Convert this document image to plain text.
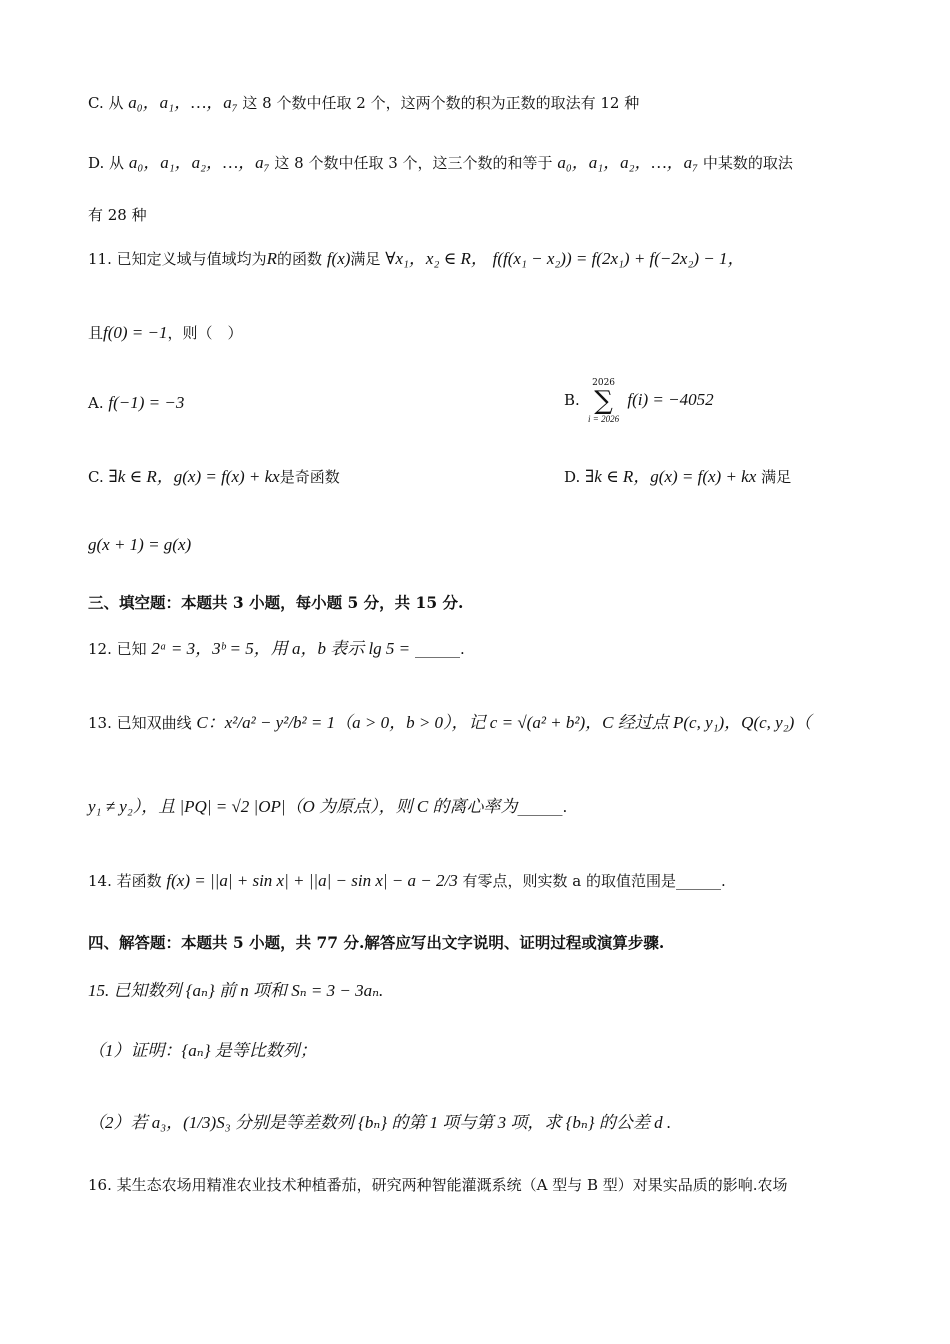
C. 从 a₀，a₁，…，a₇ 这 8 个数中任取 2 个，这两个数的积为正数的取法有 12 种
D. 从 a₀，a₁，a₂，…，a₇ 这 8 个数中任取 3 个，这三个数的和等于 a₀，a₁，a₂，…，a₇ 中某数的取法
有 28 种
11. 已知定义域与值域均为R的函数 f(x)满足 ∀x₁，x₂ ∈ R， f(f(x₁ − x₂)) = f(2x₁) + f(−2x₂) − 1，
且f(0) = −1，则（　）
A. f(−1) = −3	B.
2026
∑
i = 2026
f(i) = −4052
C. ∃k ∈ R，g(x) = f(x) + kx是奇函数	D. ∃k ∈ R，g(x) = f(x) + kx 满足
g(x + 1) = g(x)
三、填空题：本题共 3 小题，每小题 5 分，共 15 分.
12. 已知 2ᵃ = 3，3ᵇ = 5，用 a，b 表示 lg 5 = ______.
13. 已知双曲线 C：x²/a² − y²/b² = 1（a > 0，b > 0），记 c = √(a² + b²)，C 经过点 P(c, y₁)，Q(c, y₂)（
y₁ ≠ y₂），且 |PQ| = √2 |OP|（O 为原点），则 C 的离心率为______.
14. 若函数 f(x) = ||a| + sin x| + ||a| − sin x| − a − 2/3 有零点，则实数 a 的取值范围是______.
四、解答题：本题共 5 小题，共 77 分.解答应写出文字说明、证明过程或演算步骤.
15. 已知数列 {aₙ} 前 n 项和 Sₙ = 3 − 3aₙ.
（1）证明：{aₙ} 是等比数列；
（2）若 a₃，(1/3)S₃ 分别是等差数列 {bₙ} 的第 1 项与第 3 项，求 {bₙ} 的公差 d .
16. 某生态农场用精准农业技术种植番茄，研究两种智能灌溉系统（A 型与 B 型）对果实品质的影响.农场
